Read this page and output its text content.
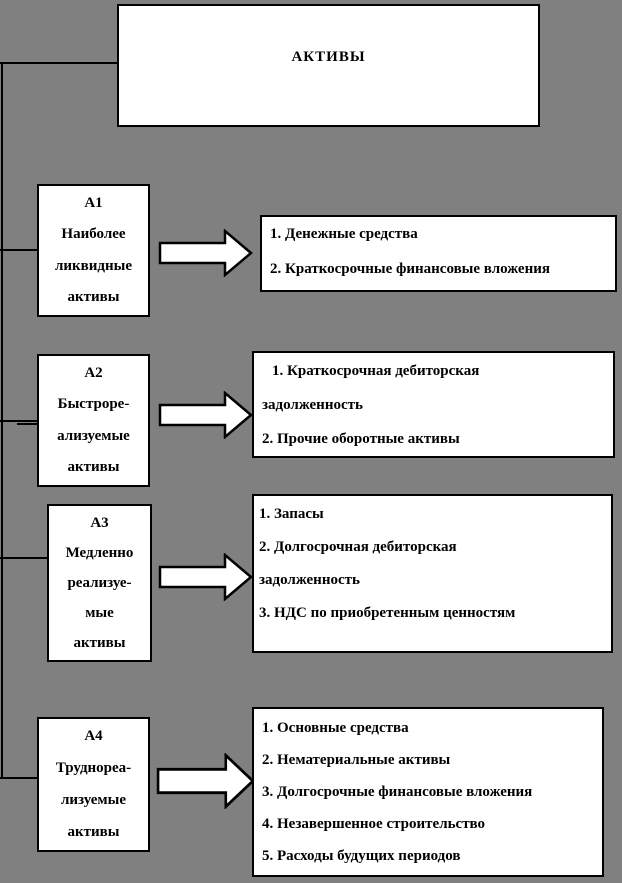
АКТИВЫ
А1
Наиболее
ликвидные
активы
1. Денежные средства
2. Краткосрочные финансовые вложения
А2
Быстроре-
ализуемые
активы
1. Краткосрочная дебиторская
задолженность
2. Прочие оборотные активы
А3
Медленно
реализуе-
мые
активы
1. Запасы
2. Долгосрочная дебиторская
задолженность
3. НДС по приобретенным ценностям
А4
Труднореа-
лизуемые
активы
1. Основные средства
2. Нематериальные активы
3. Долгосрочные финансовые вложения
4. Незавершенное строительство
5. Расходы будущих периодов
